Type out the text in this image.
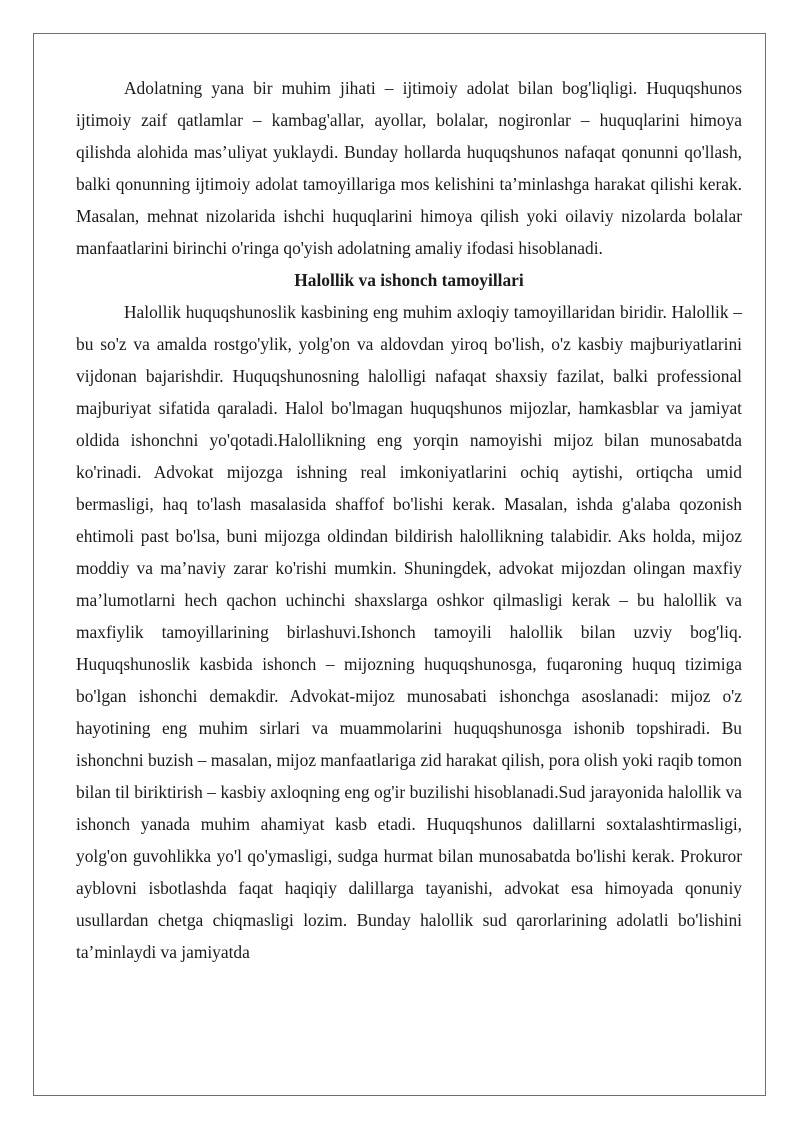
Adolatning yana bir muhim jihati – ijtimoiy adolat bilan bog'liqligi. Huquqshunos ijtimoiy zaif qatlamlar – kambag'allar, ayollar, bolalar, nogironlar – huquqlarini himoya qilishda alohida mas’uliyat yuklaydi. Bunday hollarda huquqshunos nafaqat qonunni qo'llash, balki qonunning ijtimoiy adolat tamoyillariga mos kelishini ta’minlashga harakat qilishi kerak. Masalan, mehnat nizolarida ishchi huquqlarini himoya qilish yoki oilaviy nizolarda bolalar manfaatlarini birinchi o'ringa qo'yish adolatning amaliy ifodasi hisoblanadi.

Halollik va ishonch tamoyillari

Halollik huquqshunoslik kasbining eng muhim axloqiy tamoyillaridan biridir. Halollik – bu so'z va amalda rostgo'ylik, yolg'on va aldovdan yiroq bo'lish, o'z kasbiy majburiyatlarini vijdonan bajarishdir. Huquqshunosning halolligi nafaqat shaxsiy fazilat, balki professional majburiyat sifatida qaraladi. Halol bo'lmagan huquqshunos mijozlar, hamkasblar va jamiyat oldida ishonchni yo'qotadi.Halollikning eng yorqin namoyishi mijoz bilan munosabatda ko'rinadi. Advokat mijozga ishning real imkoniyatlarini ochiq aytishi, ortiqcha umid bermasligi, haq to'lash masalasida shaffof bo'lishi kerak. Masalan, ishda g'alaba qozonish ehtimoli past bo'lsa, buni mijozga oldindan bildirish halollikning talabidir. Aks holda, mijoz moddiy va ma’naviy zarar ko'rishi mumkin. Shuningdek, advokat mijozdan olingan maxfiy ma’lumotlarni hech qachon uchinchi shaxslarga oshkor qilmasligi kerak – bu halollik va maxfiylik tamoyillarining birlashuvi.Ishonch tamoyili halollik bilan uzviy bog'liq. Huquqshunoslik kasbida ishonch – mijozning huquqshunosga, fuqaroning huquq tizimiga bo'lgan ishonchi demakdir. Advokat-mijoz munosabati ishonchga asoslanadi: mijoz o'z hayotining eng muhim sirlari va muammolarini huquqshunosga ishonib topshiradi. Bu ishonchni buzish – masalan, mijoz manfaatlariga zid harakat qilish, pora olish yoki raqib tomon bilan til biriktirish – kasbiy axloqning eng og'ir buzilishi hisoblanadi.Sud jarayonida halollik va ishonch yanada muhim ahamiyat kasb etadi. Huquqshunos dalillarni soxtalashtirmasligi, yolg'on guvohlikka yo'l qo'ymasligi, sudga hurmat bilan munosabatda bo'lishi kerak. Prokuror ayblovni isbotlashda faqat haqiqiy dalillarga tayanishi, advokat esa himoyada qonuniy usullardan chetga chiqmasligi lozim. Bunday halollik sud qarorlarining adolatli bo'lishini ta’minlaydi va jamiyatda
